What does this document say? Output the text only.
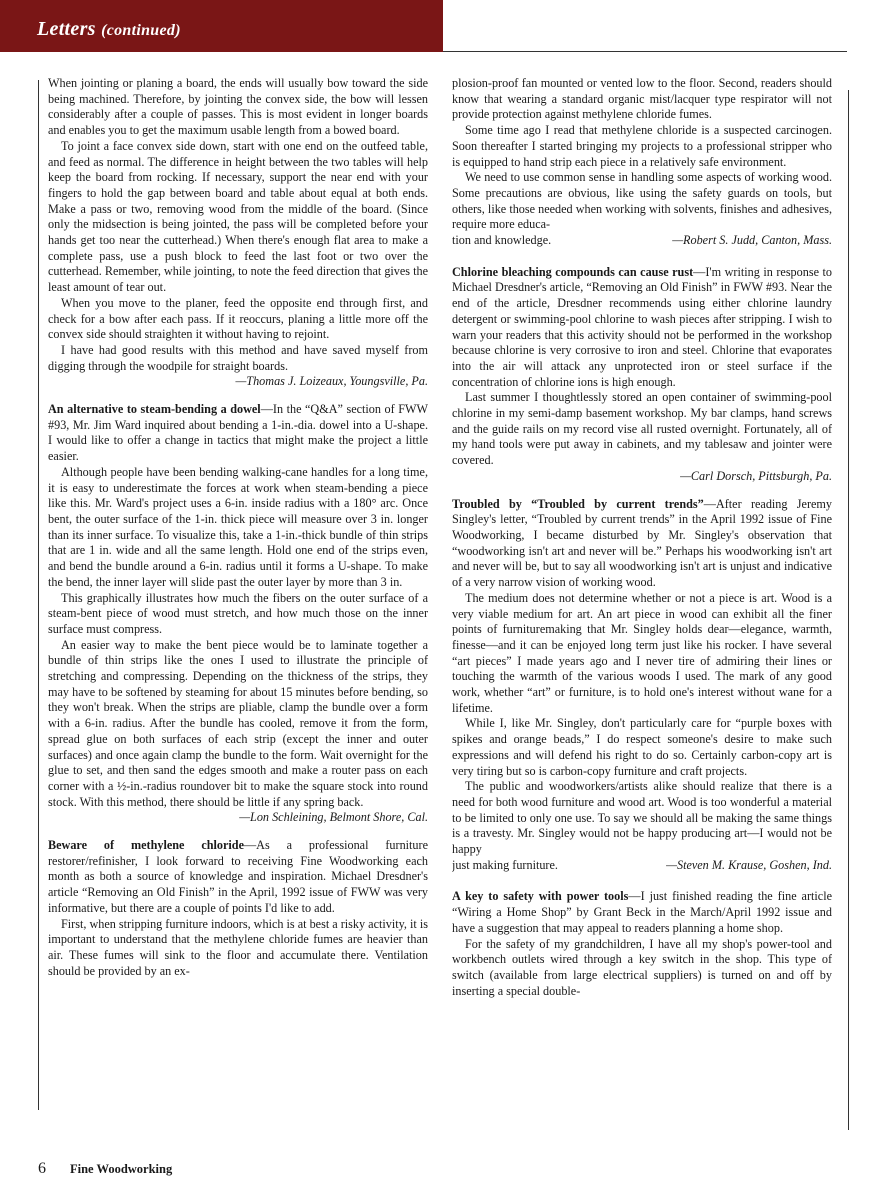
Letters (continued)

When jointing or planing a board, the ends will usually bow toward the side being machined. Therefore, by jointing the convex side, the bow will lessen considerably after a couple of passes. This is most evident in longer boards and enables you to get the maximum usable length from a bowed board.

To joint a face convex side down, start with one end on the outfeed table, and feed as normal. The difference in height between the two tables will help keep the board from rocking. If necessary, support the near end with your fingers to hold the gap between board and table about equal at both ends. Make a pass or two, removing wood from the middle of the board. (Since only the midsection is being jointed, the pass will be completed before your hands get too near the cutterhead.) When there's enough flat area to make a complete pass, use a push block to feed the last foot or two over the cutterhead. Remember, while jointing, to note the feed direction that gives the least amount of tear out.

When you move to the planer, feed the opposite end through first, and check for a bow after each pass. If it reoccurs, planing a little more off the convex side should straighten it without having to rejoint.

I have had good results with this method and have saved myself from digging through the woodpile for straight boards.

—Thomas J. Loizeaux, Youngsville, Pa.

An alternative to steam-bending a dowel—In the “Q&A” section of FWW #93, Mr. Jim Ward inquired about bending a 1-in.-dia. dowel into a U-shape. I would like to offer a change in tactics that might make the project a little easier.

Although people have been bending walking-cane handles for a long time, it is easy to underestimate the forces at work when steam-bending a piece like this. Mr. Ward's project uses a 6-in. inside radius with a 180° arc. Once bent, the outer surface of the 1-in. thick piece will measure over 3 in. longer than its inner surface. To visualize this, take a 1-in.-thick bundle of thin strips that are 1 in. wide and all the same length. Hold one end of the strips even, and bend the bundle around a 6-in. radius until it forms a U-shape. To make the bend, the inner layer will slide past the outer layer by more than 3 in.

This graphically illustrates how much the fibers on the outer surface of a steam-bent piece of wood must stretch, and how much those on the inner surface must compress.

An easier way to make the bent piece would be to laminate together a bundle of thin strips like the ones I used to illustrate the principle of stretching and compressing. Depending on the thickness of the strips, they may have to be softened by steaming for about 15 minutes before bending, so they won't break. When the strips are pliable, clamp the bundle over a form with a 6-in. radius. After the bundle has cooled, remove it from the form, spread glue on both surfaces of each strip (except the inner and outer surfaces) and once again clamp the bundle to the form. Wait overnight for the glue to set, and then sand the edges smooth and make a router pass on each corner with a ½-in.-radius roundover bit to make the square stock into round stock. With this method, there should be little if any spring back.

—Lon Schleining, Belmont Shore, Cal.

Beware of methylene chloride—As a professional furniture restorer/refinisher, I look forward to receiving Fine Woodworking each month as both a source of knowledge and inspiration. Michael Dresdner's article “Removing an Old Finish” in the April, 1992 issue of FWW was very informative, but there are a couple of points I'd like to add.

First, when stripping furniture indoors, which is at best a risky activity, it is important to understand that the methylene chloride fumes are heavier than air. These fumes will sink to the floor and accumulate there. Ventilation should be provided by an ex-

plosion-proof fan mounted or vented low to the floor. Second, readers should know that wearing a standard organic mist/lacquer type respirator will not provide protection against methylene chloride fumes.

Some time ago I read that methylene chloride is a suspected carcinogen. Soon thereafter I started bringing my projects to a professional stripper who is equipped to hand strip each piece in a relatively safe environment.

We need to use common sense in handling some aspects of working wood. Some precautions are obvious, like using the safety guards on tools, but others, like those needed when working with solvents, finishes and adhesives, require more educa-

tion and knowledge.	—Robert S. Judd, Canton, Mass.

Chlorine bleaching compounds can cause rust—I'm writing in response to Michael Dresdner's article, “Removing an Old Finish” in FWW #93. Near the end of the article, Dresdner recommends using either chlorine laundry detergent or swimming-pool chlorine to wash pieces after stripping. I wish to warn your readers that this activity should not be performed in the workshop because chlorine is very corrosive to iron and steel. Chlorine that evaporates into the air will attack any unprotected iron or steel surface if the concentration of chlorine ions is high enough.

Last summer I thoughtlessly stored an open container of swimming-pool chlorine in my semi-damp basement workshop. My bar clamps, hand screws and the guide rails on my record vise all rusted overnight. Fortunately, all of my hand tools were put away in cabinets, and my tablesaw and jointer were covered.

—Carl Dorsch, Pittsburgh, Pa.

Troubled by “Troubled by current trends”—After reading Jeremy Singley's letter, “Troubled by current trends” in the April 1992 issue of Fine Woodworking, I became disturbed by Mr. Singley's observation that “woodworking isn't art and never will be.” Perhaps his woodworking isn't art and never will be, but to say all woodworking isn't art is unjust and indicative of a very narrow vision of working wood.

The medium does not determine whether or not a piece is art. Wood is a very viable medium for art. An art piece in wood can exhibit all the finer points of furnituremaking that Mr. Singley holds dear—elegance, warmth, finesse—and it can be enjoyed long term just like his rocker. I have several “art pieces” I made years ago and I never tire of admiring their lines or touching the warmth of the various woods I used. The mark of any good work, whether “art” or furniture, is to hold one's interest without wane for a lifetime.

While I, like Mr. Singley, don't particularly care for “purple boxes with spikes and orange beads,” I do respect someone's desire to make such expressions and will defend his right to do so. Certainly carbon-copy art is very tiring but so is carbon-copy furniture and craft projects.

The public and woodworkers/artists alike should realize that there is a need for both wood furniture and wood art. Wood is too wonderful a material to be limited to only one use. To say we should all be making the same things is a travesty. Mr. Singley would not be happy producing art—I would not be happy

just making furniture.	—Steven M. Krause, Goshen, Ind.

A key to safety with power tools—I just finished reading the fine article “Wiring a Home Shop” by Grant Beck in the March/April 1992 issue and have a suggestion that may appeal to readers planning a home shop.

For the safety of my grandchildren, I have all my shop's power-tool and workbench outlets wired through a key switch in the shop. This type of switch (available from large electrical suppliers) is turned on and off by inserting a special double-

6 Fine Woodworking
